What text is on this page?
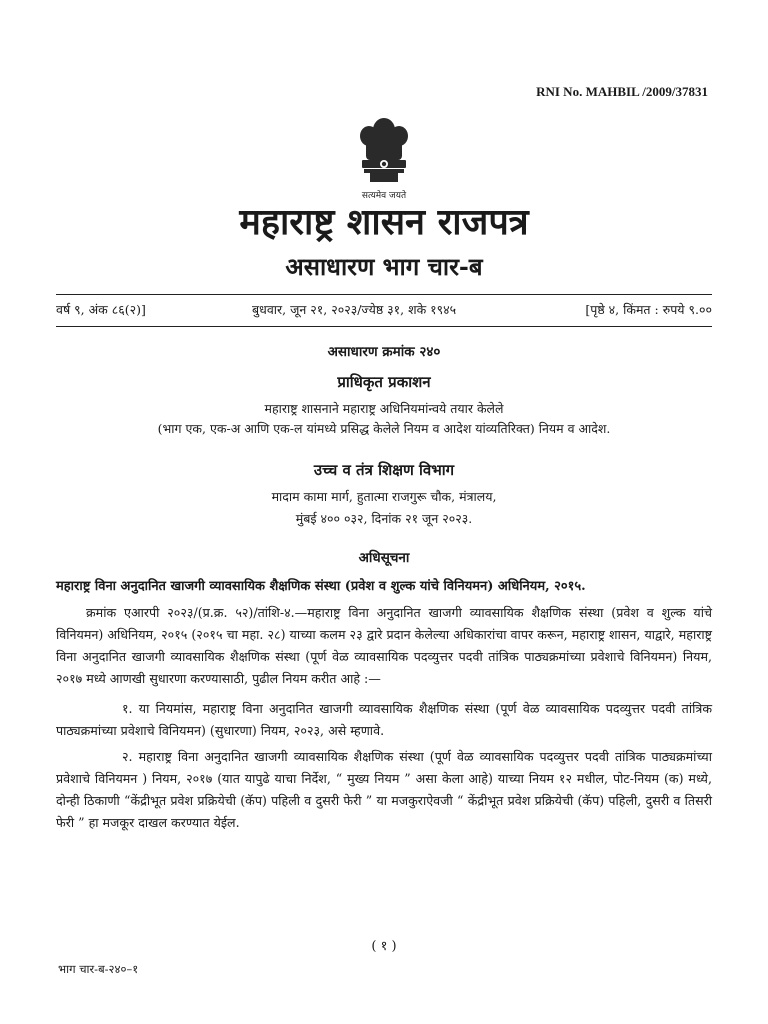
RNI No. MAHBIL /2009/37831
सत्यमेव जयते
महाराष्ट्र शासन राजपत्र
असाधारण भाग चार-ब
वर्ष ९, अंक ८६(२)]	बुधवार, जून २१, २०२३/ज्येष्ठ ३१, शके १९४५	[पृष्ठे ४, किंमत : रुपये ९.००
असाधारण क्रमांक २४०
प्राधिकृत प्रकाशन
महाराष्ट्र शासनाने महाराष्ट्र अधिनियमांन्वये तयार केलेले
(भाग एक, एक-अ आणि एक-ल यांमध्ये प्रसिद्ध केलेले नियम व आदेश यांव्यतिरिक्त) नियम व आदेश.
उच्च व तंत्र शिक्षण विभाग
मादाम कामा मार्ग, हुतात्मा राजगुरू चौक, मंत्रालय,
मुंबई ४०० ०३२, दिनांक २१ जून २०२३.
अधिसूचना
महाराष्ट्र विना अनुदानित खाजगी व्यावसायिक शैक्षणिक संस्था (प्रवेश व शुल्क यांचे विनियमन) अधिनियम, २०१५.
क्रमांक एआरपी २०२३/(प्र.क्र. ५२)/तांशि-४.—महाराष्ट्र विना अनुदानित खाजगी व्यावसायिक शैक्षणिक संस्था (प्रवेश व शुल्क यांचे विनियमन) अधिनियम, २०१५ (२०१५ चा महा. २८) याच्या कलम २३ द्वारे प्रदान केलेल्या अधिकारांचा वापर करून, महाराष्ट्र शासन, याद्वारे, महाराष्ट्र विना अनुदानित खाजगी व्यावसायिक शैक्षणिक संस्था (पूर्ण वेळ व्यावसायिक पदव्युत्तर पदवी तांत्रिक पाठ्यक्रमांच्या प्रवेशाचे विनियमन) नियम, २०१७ मध्ये आणखी सुधारणा करण्यासाठी, पुढील नियम करीत आहे :—
१. या नियमांस, महाराष्ट्र विना अनुदानित खाजगी व्यावसायिक शैक्षणिक संस्था (पूर्ण वेळ व्यावसायिक पदव्युत्तर पदवी तांत्रिक पाठ्यक्रमांच्या प्रवेशाचे विनियमन) (सुधारणा) नियम, २०२३, असे म्हणावे.
२. महाराष्ट्र विना अनुदानित खाजगी व्यावसायिक शैक्षणिक संस्था (पूर्ण वेळ व्यावसायिक पदव्युत्तर पदवी तांत्रिक पाठ्यक्रमांच्या प्रवेशाचे विनियमन ) नियम, २०१७ (यात यापुढे याचा निर्देश, “ मुख्य नियम ” असा केला आहे) याच्या नियम १२ मधील, पोट-नियम (क) मध्ये, दोन्ही ठिकाणी “केंद्रीभूत प्रवेश प्रक्रियेची (कॅप) पहिली व दुसरी फेरी ” या मजकुराऐवजी “ केंद्रीभूत प्रवेश प्रक्रियेची (कॅप) पहिली, दुसरी व तिसरी फेरी ” हा मजकूर दाखल करण्यात येईल.
( १ )
भाग चार-ब-२४०–१
